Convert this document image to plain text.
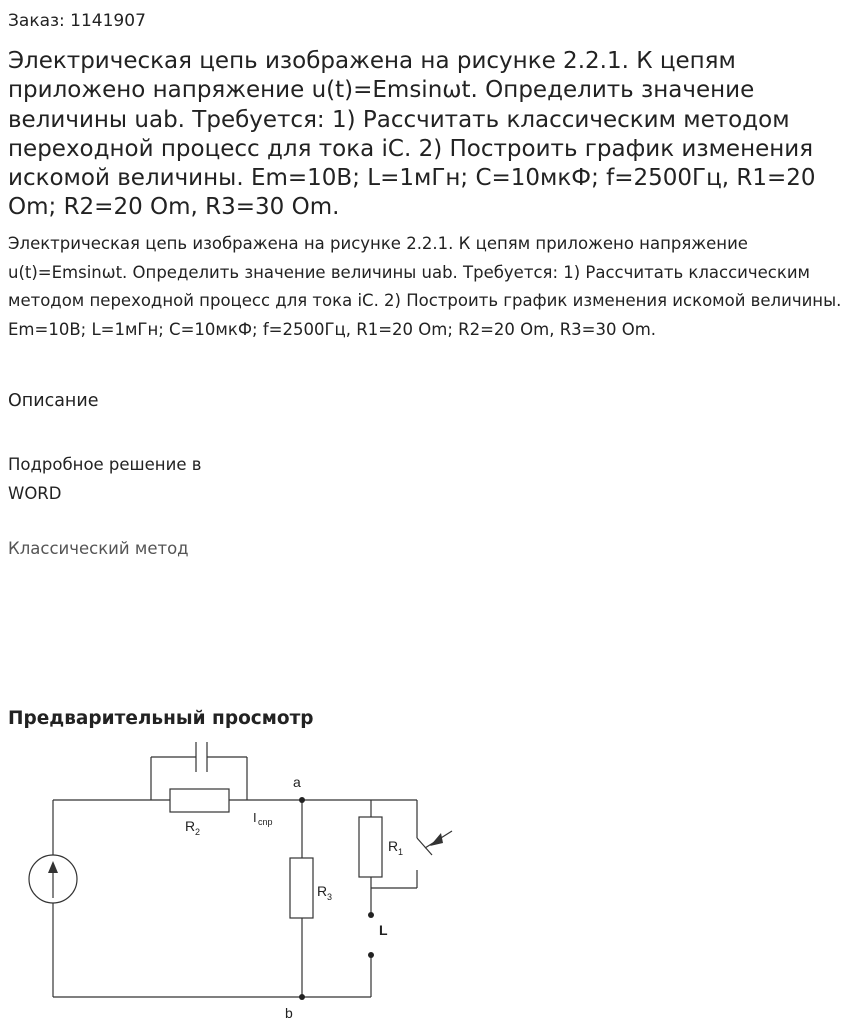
Заказ: 1141907
Электрическая цепь изображена на рисунке 2.2.1. К цепям приложено напряжение u(t)=Emsinωt. Определить значение величины uab. Требуется: 1) Рассчитать классическим методом переходной процесс для тока iC. 2) Построить график изменения искомой величины. Em=10В; L=1мГн; C=10мкФ; f=2500Гц, R1=20 Om; R2=20 Om, R3=30 Om.

Электрическая цепь изображена на рисунке 2.2.1. К цепям приложено напряжение u(t)=Emsinωt. Определить значение величины uab. Требуется: 1) Рассчитать классическим методом переходной процесс для тока iC. 2) Построить график изменения искомой величины. Em=10В; L=1мГн; C=10мкФ; f=2500Гц, R1=20 Om; R2=20 Om, R3=30 Om.

Описание
Подробное решение в WORD
Классический метод
Предварительный просмотр
a
b
R 2
R 3
R 1
I cnp
L
